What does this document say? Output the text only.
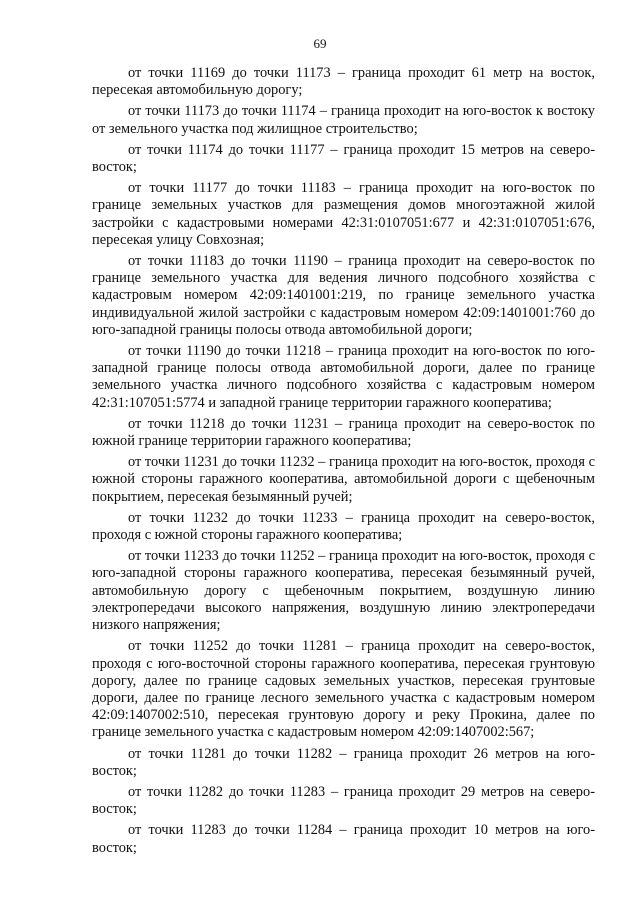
69

от точки 11169 до точки 11173 – граница проходит 61 метр на восток, пересекая автомобильную дорогу;

от точки 11173 до точки 11174 – граница проходит на юго-восток к востоку от земельного участка под жилищное строительство;

от точки 11174 до точки 11177 – граница проходит 15 метров на северо-восток;

от точки 11177 до точки 11183 – граница проходит на юго-восток по границе земельных участков для размещения домов многоэтажной жилой застройки с кадастровыми номерами 42:31:0107051:677 и 42:31:0107051:676, пересекая улицу Совхозная;

от точки 11183 до точки 11190 – граница проходит на северо-восток по границе земельного участка для ведения личного подсобного хозяйства с кадастровым номером 42:09:1401001:219, по границе земельного участка индивидуальной жилой застройки с кадастровым номером 42:09:1401001:760 до юго-западной границы полосы отвода автомобильной дороги;

от точки 11190 до точки 11218 – граница проходит на юго-восток по юго-западной границе полосы отвода автомобильной дороги, далее по границе земельного участка личного подсобного хозяйства с кадастровым номером 42:31:107051:5774 и западной границе территории гаражного кооператива;

от точки 11218 до точки 11231 – граница проходит на северо-восток по южной границе территории гаражного кооператива;

от точки 11231 до точки 11232 – граница проходит на юго-восток, проходя с южной стороны гаражного кооператива, автомобильной дороги с щебеночным покрытием, пересекая безымянный ручей;

от точки 11232 до точки 11233 – граница проходит на северо-восток, проходя с южной стороны гаражного кооператива;

от точки 11233 до точки 11252 – граница проходит на юго-восток, проходя с юго-западной стороны гаражного кооператива, пересекая безымянный ручей, автомобильную дорогу с щебеночным покрытием, воздушную линию электропередачи высокого напряжения, воздушную линию электропередачи низкого напряжения;

от точки 11252 до точки 11281 – граница проходит на северо-восток, проходя с юго-восточной стороны гаражного кооператива, пересекая грунтовую дорогу, далее по границе садовых земельных участков, пересекая грунтовые дороги, далее по границе лесного земельного участка с кадастровым номером 42:09:1407002:510, пересекая грунтовую дорогу и реку Прокина, далее по границе земельного участка с кадастровым номером 42:09:1407002:567;

от точки 11281 до точки 11282 – граница проходит 26 метров на юго-восток;

от точки 11282 до точки 11283 – граница проходит 29 метров на северо-восток;

от точки 11283 до точки 11284 – граница проходит 10 метров на юго-восток;
